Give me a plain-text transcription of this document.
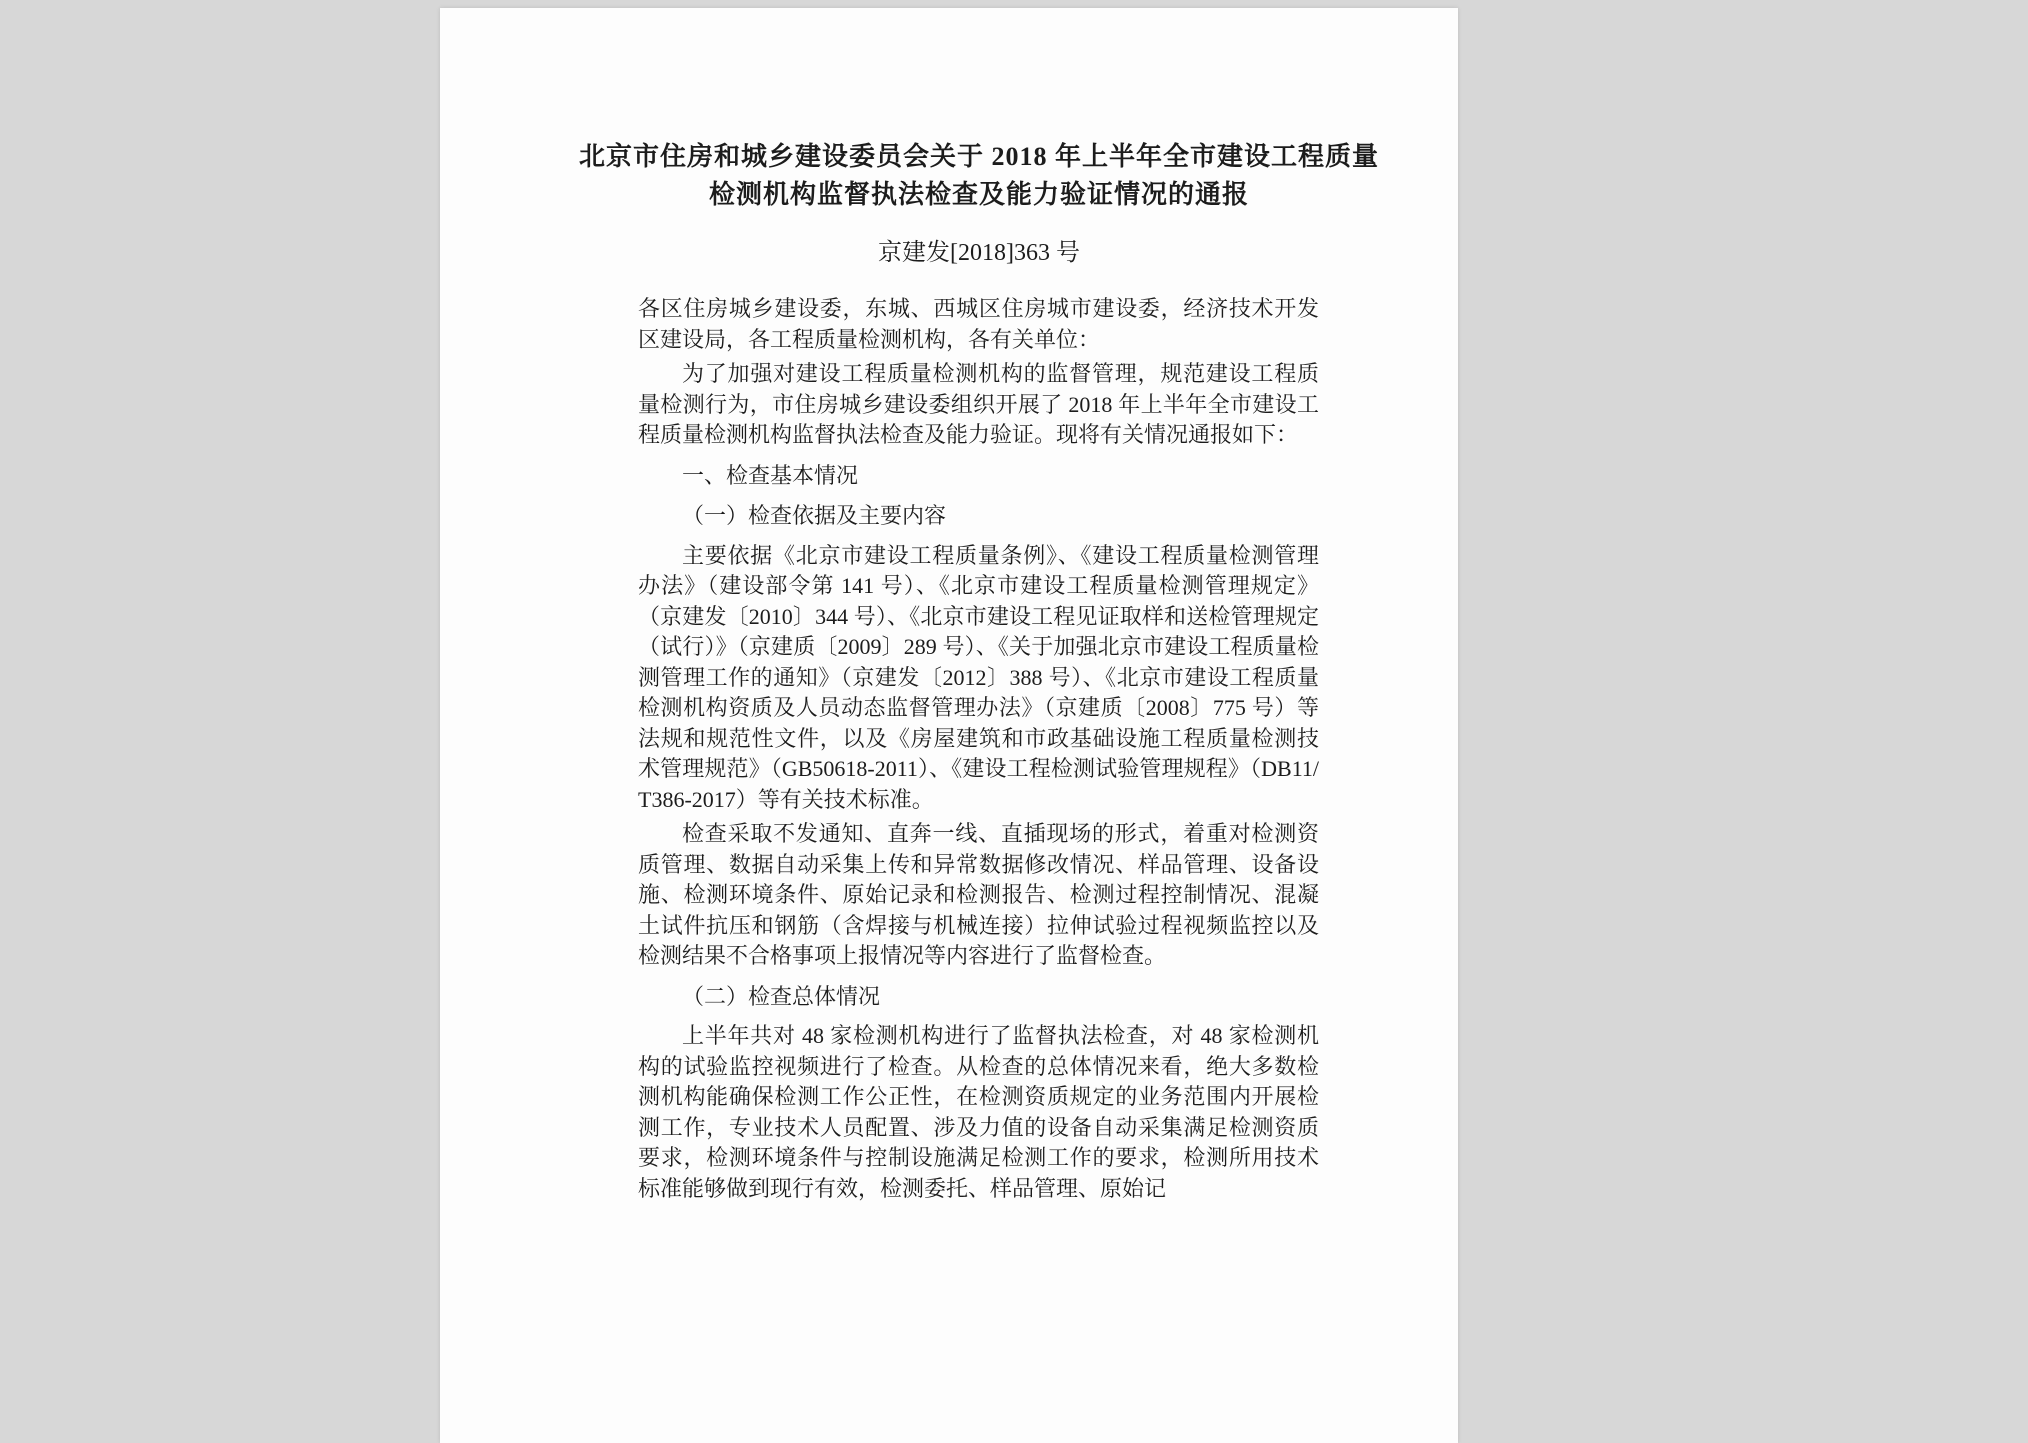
北京市住房和城乡建设委员会关于 2018 年上半年全市建设工程质量
检测机构监督执法检查及能力验证情况的通报
京建发[2018]363 号

各区住房城乡建设委，东城、西城区住房城市建设委，经济技术开发区建设局，各工程质量检测机构，各有关单位：

为了加强对建设工程质量检测机构的监督管理，规范建设工程质量检测行为，市住房城乡建设委组织开展了 2018 年上半年全市建设工程质量检测机构监督执法检查及能力验证。现将有关情况通报如下：

一、检查基本情况

（一）检查依据及主要内容

主要依据《北京市建设工程质量条例》、《建设工程质量检测管理办法》（建设部令第 141 号）、《北京市建设工程质量检测管理规定》（京建发〔2010〕344 号）、《北京市建设工程见证取样和送检管理规定（试行）》（京建质〔2009〕289 号）、《关于加强北京市建设工程质量检测管理工作的通知》（京建发〔2012〕388 号）、《北京市建设工程质量检测机构资质及人员动态监督管理办法》（京建质〔2008〕775 号）等法规和规范性文件，以及《房屋建筑和市政基础设施工程质量检测技术管理规范》（GB50618-2011）、《建设工程检测试验管理规程》（DB11/T386-2017）等有关技术标准。

检查采取不发通知、直奔一线、直插现场的形式，着重对检测资质管理、数据自动采集上传和异常数据修改情况、样品管理、设备设施、检测环境条件、原始记录和检测报告、检测过程控制情况、混凝土试件抗压和钢筋（含焊接与机械连接）拉伸试验过程视频监控以及检测结果不合格事项上报情况等内容进行了监督检查。

（二）检查总体情况

上半年共对 48 家检测机构进行了监督执法检查，对 48 家检测机构的试验监控视频进行了检查。从检查的总体情况来看，绝大多数检测机构能确保检测工作公正性，在检测资质规定的业务范围内开展检测工作，专业技术人员配置、涉及力值的设备自动采集满足检测资质要求，检测环境条件与控制设施满足检测工作的要求，检测所用技术标准能够做到现行有效，检测委托、样品管理、原始记
